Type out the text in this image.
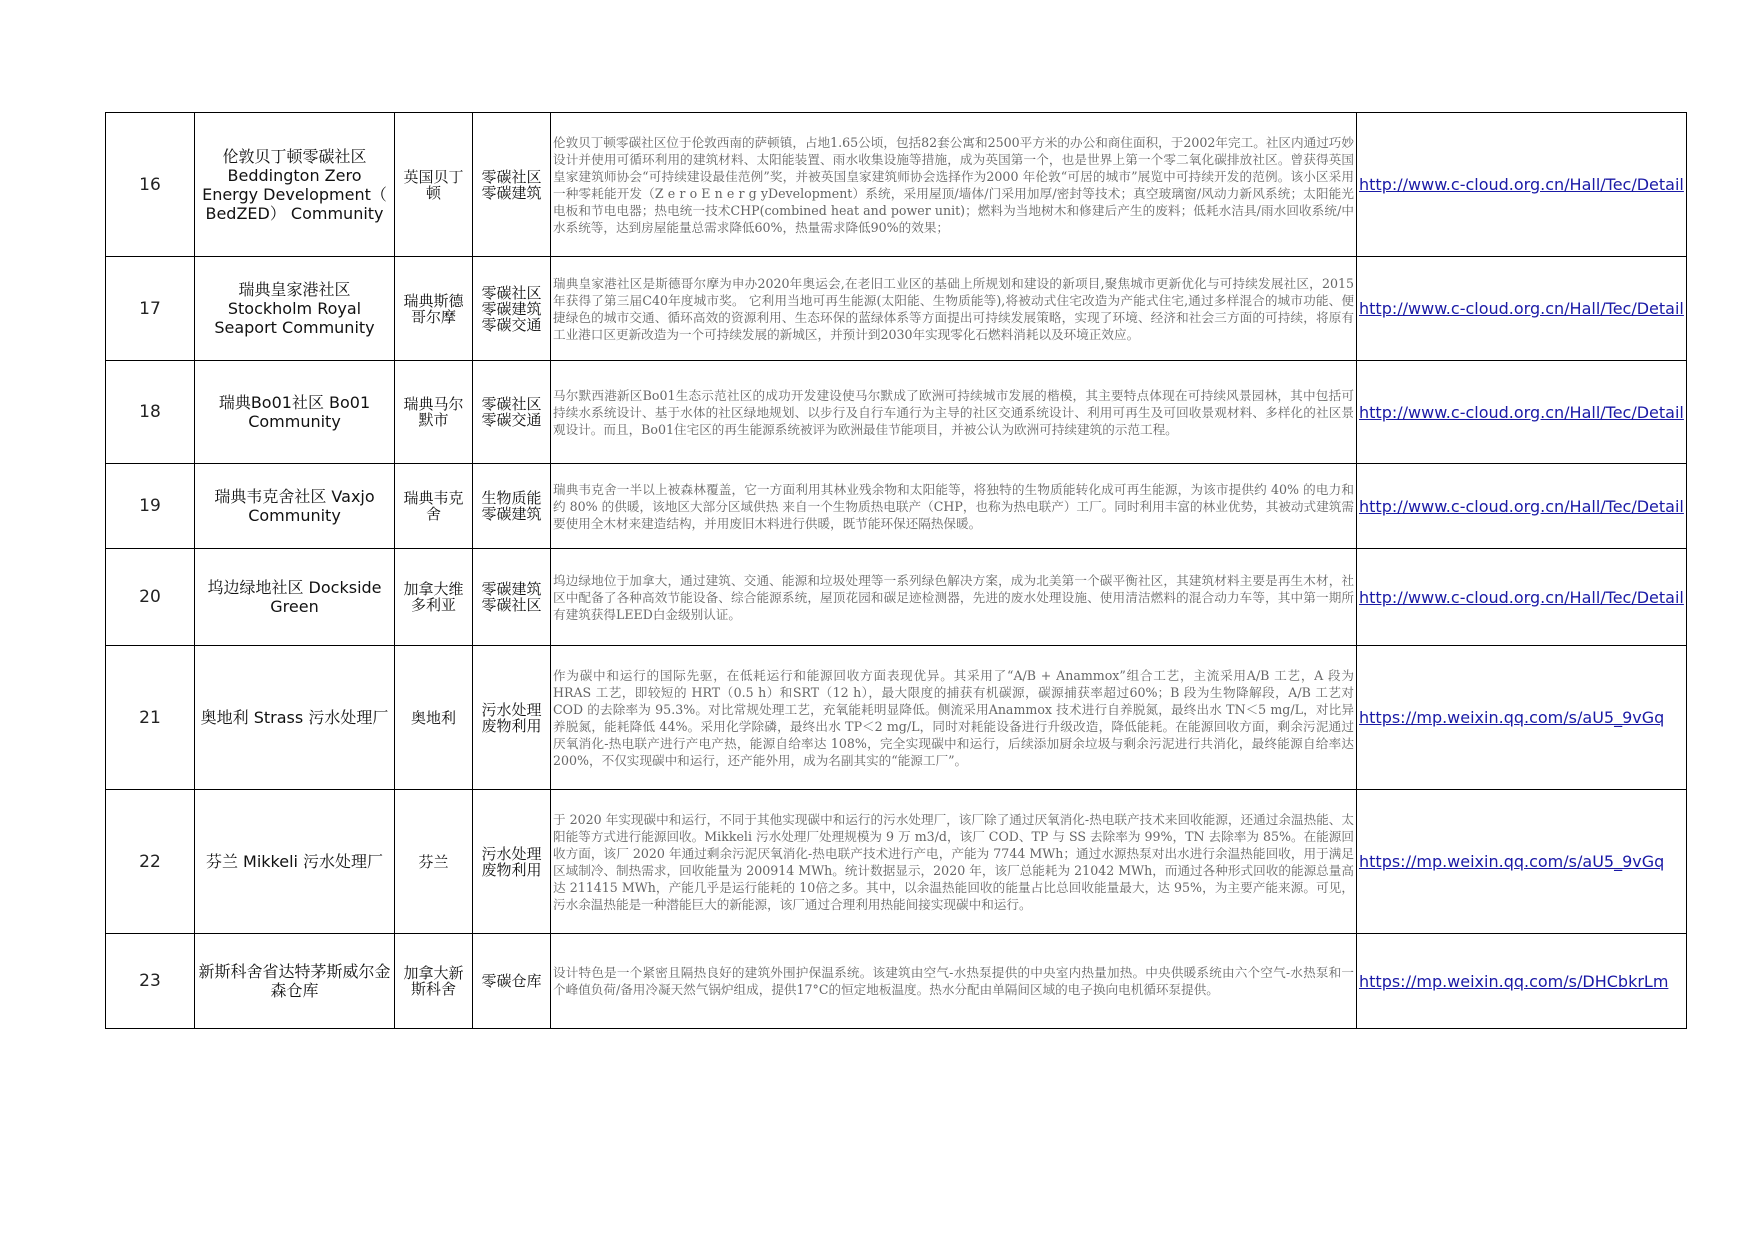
16	伦敦贝丁顿零碳社区 Beddington Zero Energy Development（ BedZED） Community	英国贝丁顿	零碳社区零碳建筑	伦敦贝丁顿零碳社区位于伦敦西南的萨顿镇，占地1.65公顷，包括82套公寓和2500平方米的办公和商住面积，于2002年完工。社区内通过巧妙设计并使用可循环利用的建筑材料、太阳能装置、雨水收集设施等措施，成为英国第一个，也是世界上第一个零二氧化碳排放社区。曾获得英国皇家建筑师协会“可持续建设最佳范例”奖，并被英国皇家建筑师协会选择作为2000 年伦敦“可居的城市”展览中可持续开发的范例。该小区采用一种零耗能开发（Z e r o E n e r g yDevelopment）系统，采用屋顶/墙体/门采用加厚/密封等技术；真空玻璃窗/风动力新风系统；太阳能光电板和节电电器；热电统一技术CHP(combined heat and power unit)；燃料为当地树木和修建后产生的废料；低耗水洁具/雨水回收系统/中水系统等，达到房屋能量总需求降低60%，热量需求降低90%的效果；	http://www.c-cloud.org.cn/Hall/Tec/Detail
17	瑞典皇家港社区 Stockholm Royal Seaport Community	瑞典斯德哥尔摩	零碳社区零碳建筑零碳交通	瑞典皇家港社区是斯德哥尔摩为申办2020年奥运会,在老旧工业区的基础上所规划和建设的新项目,聚焦城市更新优化与可持续发展社区，2015年获得了第三届C40年度城市奖。 它利用当地可再生能源(太阳能、生物质能等),将被动式住宅改造为产能式住宅,通过多样混合的城市功能、便捷绿色的城市交通、循环高效的资源利用、生态环保的蓝绿体系等方面提出可持续发展策略，实现了环境、经济和社会三方面的可持续，将原有工业港口区更新改造为一个可持续发展的新城区，并预计到2030年实现零化石燃料消耗以及环境正效应。	http://www.c-cloud.org.cn/Hall/Tec/Detail
18	瑞典Bo01社区 Bo01 Community	瑞典马尔默市	零碳社区零碳交通	马尔默西港新区Bo01生态示范社区的成功开发建设使马尔默成了欧洲可持续城市发展的楷模，其主要特点体现在可持续风景园林，其中包括可持续水系统设计、基于水体的社区绿地规划、以步行及自行车通行为主导的社区交通系统设计、利用可再生及可回收景观材料、多样化的社区景观设计。而且，Bo01住宅区的再生能源系统被评为欧洲最佳节能项目，并被公认为欧洲可持续建筑的示范工程。	http://www.c-cloud.org.cn/Hall/Tec/Detail
19	瑞典韦克舍社区 Vaxjo Community	瑞典韦克舍	生物质能零碳建筑	瑞典韦克舍一半以上被森林覆盖，它一方面利用其林业残余物和太阳能等，将独特的生物质能转化成可再生能源，为该市提供约 40% 的电力和约 80% 的供暖，该地区大部分区域供热 来自一个生物质热电联产（CHP，也称为热电联产）工厂。同时利用丰富的林业优势，其被动式建筑需要使用全木材来建造结构，并用废旧木料进行供暖，既节能环保还隔热保暖。	http://www.c-cloud.org.cn/Hall/Tec/Detail
20	坞边绿地社区 Dockside Green	加拿大维多利亚	零碳建筑零碳社区	坞边绿地位于加拿大，通过建筑、交通、能源和垃圾处理等一系列绿色解决方案，成为北美第一个碳平衡社区，其建筑材料主要是再生木材，社区中配备了各种高效节能设备、综合能源系统，屋顶花园和碳足迹检测器，先进的废水处理设施、使用清洁燃料的混合动力车等，其中第一期所有建筑获得LEED白金级别认证。	http://www.c-cloud.org.cn/Hall/Tec/Detail
21	奥地利 Strass 污水处理厂	奥地利	污水处理废物利用	作为碳中和运行的国际先驱，在低耗运行和能源回收方面表现优异。其采用了“A/B + Anammox”组合工艺，主流采用A/B 工艺，A 段为 HRAS 工艺，即较短的 HRT（0.5 h）和SRT（12 h），最大限度的捕获有机碳源，碳源捕获率超过60%；B 段为生物降解段，A/B 工艺对 COD 的去除率为 95.3%。对比常规处理工艺，充氧能耗明显降低。侧流采用Anammox 技术进行自养脱氮，最终出水 TN＜5 mg/L，对比异养脱氮，能耗降低 44%。采用化学除磷，最终出水 TP＜2 mg/L，同时对耗能设备进行升级改造，降低能耗。在能源回收方面，剩余污泥通过厌氧消化-热电联产进行产电产热，能源自给率达 108%，完全实现碳中和运行，后续添加厨余垃圾与剩余污泥进行共消化，最终能源自给率达 200%，不仅实现碳中和运行，还产能外用，成为名副其实的“能源工厂”。	https://mp.weixin.qq.com/s/aU5_9vGq
22	芬兰 Mikkeli 污水处理厂	芬兰	污水处理废物利用	于 2020 年实现碳中和运行，不同于其他实现碳中和运行的污水处理厂，该厂除了通过厌氧消化-热电联产技术来回收能源，还通过余温热能、太阳能等方式进行能源回收。Mikkeli 污水处理厂处理规模为 9 万 m3/d，该厂 COD、TP 与 SS 去除率为 99%，TN 去除率为 85%。在能源回收方面，该厂 2020 年通过剩余污泥厌氧消化-热电联产技术进行产电，产能为 7744 MWh；通过水源热泵对出水进行余温热能回收，用于满足区域制冷、制热需求，回收能量为 200914 MWh。统计数据显示，2020 年，该厂总能耗为 21042 MWh，而通过各种形式回收的能源总量高达 211415 MWh，产能几乎是运行能耗的 10倍之多。其中，以余温热能回收的能量占比总回收能量最大，达 95%，为主要产能来源。可见，污水余温热能是一种潜能巨大的新能源，该厂通过合理利用热能间接实现碳中和运行。	https://mp.weixin.qq.com/s/aU5_9vGq
23	新斯科舍省达特茅斯威尔金森仓库	加拿大新斯科舍	零碳仓库	设计特色是一个紧密且隔热良好的建筑外围护保温系统。该建筑由空气-水热泵提供的中央室内热量加热。中央供暖系统由六个空气-水热泵和一个峰值负荷/备用冷凝天然气锅炉组成，提供17°C的恒定地板温度。热水分配由单隔间区域的电子换向电机循环泵提供。	https://mp.weixin.qq.com/s/DHCbkrLm
